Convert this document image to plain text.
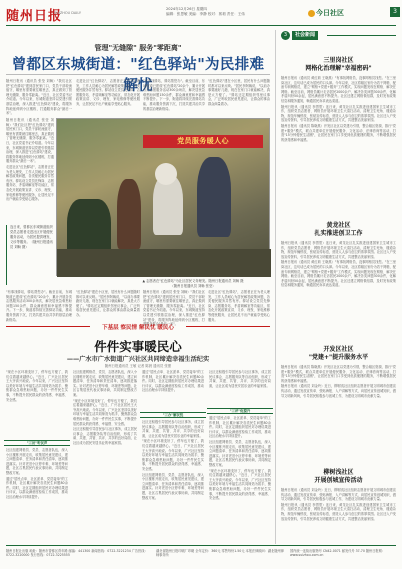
随州日报
SUIZHOU DAILY
2024年12月26日 星期四
编辑：张思敏 美编：李静 校对：郭莉 责任：王伟	今日社区	3
管理"无缝隙" 服务"零距离"
曾都区东城街道："红色驿站"为民排难解忧

随州日报讯（通讯员 张莹 刘畅）"我们社区把"红色驿站"建到居民家门口，党员干部轮流值守，哪里有需要就往哪里去，真正做到了管理无缝隙、服务零距离。"近日，社区党委书记介绍道。今年以来，东城街道坚持以党建引领基层治理，深入推进"红色驿站"建设，将服务阵地延伸到小区楼栋，打通服务群众"最后一米"。

走进社区"红色驿站"，志愿者正在为老人理发，工作人员耐心为居民解答政策问题，各类便民服务井然有序。驿站设立党员先锋岗、志愿服务站、矛盾调解室等功能区，常态化开展政策宣讲、义诊、理发、家电维修等便民服务，让居民足不出户就能享受贴心服务。

"有事找驿站，驿站帮您办"。截至目前，东城街道已建成"红色驿站"20余个，累计开展各类志愿服务活动300余场次，解决居民急难愁盼问题150余件，群众满意度和幸福感不断提升。下一步，街道将持续完善驿站功能，推动服务资源下沉，打造共建共治共享的基层治理新格局。

"红色驿站"建在小区里，居民有什么问题随时都可以来反映。"居民李阿姨说，"以前办事要跑好几趟，现在在家门口就能解决，真是太方便了。"驿站还定期组织邻里议事会，广泛听取居民意见建议，让群众的事由群众商量着办。

随州日报讯（通讯员 张莹 刘畅）"我们社区把"红色驿站"建到居民家门口，党员干部轮流值守，哪里有需要就往哪里去，真正做到了管理无缝隙、服务零距离。"近日，社区党委书记介绍道。今年以来，东城街道坚持以党建引领基层治理，深入推进"红色驿站"建设，将服务阵地延伸到小区楼栋，打通服务群众"最后一米"。

走进社区"红色驿站"，志愿者正在为老人理发，工作人员耐心为居民解答政策问题，各类便民服务井然有序。驿站设立党员先锋岗、志愿服务站、矛盾调解室等功能区，常态化开展政策宣讲、义诊、理发、家电维修等便民服务，让居民足不出户就能享受贴心服务。

党员服务暖人心
连日来，曾都区东城街道组织党员志愿者走进社区开展便民服务活动，为居民提供理发、义诊等服务。（随州日报通讯员 刘畅 摄）
▲ 志愿者在"红色驿站"为社区居民义务理发。随州日报通讯员 刘畅 摄
（随州日报通讯员 刘畅 张莹）

"有事找驿站，驿站帮您办"。截至目前，东城街道已建成"红色驿站"20余个，累计开展各类志愿服务活动300余场次，解决居民急难愁盼问题150余件，群众满意度和幸福感不断提升。下一步，街道将持续完善驿站功能，推动服务资源下沉，打造共建共治共享的基层治理新格局。

"红色驿站"建在小区里，居民有什么问题随时都可以来反映。"居民李阿姨说，"以前办事要跑好几趟，现在在家门口就能解决，真是太方便了。"驿站还定期组织邻里议事会，广泛听取居民意见建议，让群众的事由群众商量着办。

随州日报讯（通讯员 张莹 刘畅）"我们社区把"红色驿站"建到居民家门口，党员干部轮流值守，哪里有需要就往哪里去，真正做到了管理无缝隙、服务零距离。"近日，社区党委书记介绍道。今年以来，东城街道坚持以党建引领基层治理，深入推进"红色驿站"建设，将服务阵地延伸到小区楼栋，打通服务群众"最后一米"。

走进社区"红色驿站"，志愿者正在为老人理发，工作人员耐心为居民解答政策问题，各类便民服务井然有序。驿站设立党员先锋岗、志愿服务站、矛盾调解室等功能区，常态化开展政策宣讲、义诊、理发、家电维修等便民服务，让居民足不出户就能享受贴心服务。

下基层 察民情 解民忧 暖民心
件件实事暖民心
——广水市广水街道广兴社区共同缔造幸福生活纪实
随州日报通讯员 王敏 记者 陈晨 通讯员 张蕾

"现在小区环境变好了，停车也方便了，我们住着越来越舒心。"近日，广兴社区居民王大爷高兴地说。今年以来，广兴社区坚持以美好环境与幸福生活共同缔造为抓手，聚焦群众急难愁盼问题，办好一件件民生实事，不断提升居民群众的获得感、幸福感、安全感。

"三访"听民声

社区组建网格员、党员、志愿者队伍，深入小区楼栋开展走访，收集居民意见建议，建立问题清单、任务清单和责任清单，逐项推进落实。针对老旧小区停车难、环境差等问题，社区召集居民代表议事协商，共同制定整改方案。

通过"居民点单、社区派单、党员接单"的工作机制，社区累计解决各类民生问题80余件。同时，社区定期组织居民对办理结果进行评议，以群众满意度检验工作成效，推动社区治理水平持续提升。

社区组建网格员、党员、志愿者队伍，深入小区楼栋开展走访，收集居民意见建议，建立问题清单、任务清单和责任清单，逐项推进落实。针对老旧小区停车难、环境差等问题，社区召集居民代表议事协商，共同制定整改方案。

"现在小区环境变好了，停车也方便了，我们住着越来越舒心。"近日，广兴社区居民王大爷高兴地说。今年以来，广兴社区坚持以美好环境与幸福生活共同缔造为抓手，聚焦群众急难愁盼问题，办好一件件民生实事，不断提升居民群众的获得感、幸福感、安全感。

社区还积极引导居民参与社区事务，成立居民议事会、志愿服务队等自治组织，形成了共谋、共建、共管、共评、共享的良好局面，让社区成为居民安居乐业的幸福家园。

通过"居民点单、社区派单、党员接单"的工作机制，社区累计解决各类民生问题80余件。同时，社区定期组织居民对办理结果进行评议，以群众满意度检验工作成效，推动社区治理水平持续提升。

"三办"解民忧

社区还积极引导居民参与社区事务，成立居民议事会、志愿服务队等自治组织，形成了共谋、共建、共管、共评、共享的良好局面，让社区成为居民安居乐业的幸福家园。

"现在小区环境变好了，停车也方便了，我们住着越来越舒心。"近日，广兴社区居民王大爷高兴地说。今年以来，广兴社区坚持以美好环境与幸福生活共同缔造为抓手，聚焦群众急难愁盼问题，办好一件件民生实事，不断提升居民群众的获得感、幸福感、安全感。

社区组建网格员、党员、志愿者队伍，深入小区楼栋开展走访，收集居民意见建议，建立问题清单、任务清单和责任清单，逐项推进落实。针对老旧小区停车难、环境差等问题，社区召集居民代表议事协商，共同制定整改方案。

社区还积极引导居民参与社区事务，成立居民议事会、志愿服务队等自治组织，形成了共谋、共建、共管、共评、共享的良好局面，让社区成为居民安居乐业的幸福家园。

"三评"促提升

通过"居民点单、社区派单、党员接单"的工作机制，社区累计解决各类民生问题80余件。同时，社区定期组织居民对办理结果进行评议，以群众满意度检验工作成效，推动社区治理水平持续提升。

社区组建网格员、党员、志愿者队伍，深入小区楼栋开展走访，收集居民意见建议，建立问题清单、任务清单和责任清单，逐项推进落实。针对老旧小区停车难、环境差等问题，社区召集居民代表议事协商，共同制定整改方案。

"现在小区环境变好了，停车也方便了，我们住着越来越舒心。"近日，广兴社区居民王大爷高兴地说。今年以来，广兴社区坚持以美好环境与幸福生活共同缔造为抓手，聚焦群众急难愁盼问题，办好一件件民生实事，不断提升居民群众的获得感、幸福感、安全感。

3	社会新闻
三里岗社区
网格化治理解"幸福密码"

随州日报讯（通讯员 黄红莉 王晓燕）"有事找网格员，没事网格员找您。"在三里岗社区，这句话已成为居民的口头禅。今年以来，社区将辖区划分为若干网格，配备专职网格员，建立"网格+党建+服务"工作模式，实现问题发现在网格、解决在网格。截至目前，网格员累计走访居民2000余户，解决各类问题300余件，化解矛盾纠纷50余起，居民满意度不断提升。社区还建立网格微信群，及时发布政策信息和服务通知，畅通居民诉求表达渠道。

随州日报讯（通讯员 李思思）连日来，黄龙社区扎实推进创建国家卫生城市工作，组织党员志愿者、网格员开展环境卫生大清扫活动，清理卫生死角、楼道杂物，规范车辆停放，张贴宣传标语，营造人人参与创卫的浓厚氛围。社区还入户发放宣传资料，引导居民养成文明健康生活方式，共建整洁美丽家园。

随州日报讯（通讯员 陈晓燕）开发区社区以党建为引领，整合辖区资源，推行"党建+服务"模式，联合共建单位开展便民服务、文化活动、法律咨询等活动，打造"15分钟便民生活圈"，让居民在家门口享受到优质便捷的服务，不断增强居民的获得感和幸福感。

黄龙社区
扎实推进创卫工作

随州日报讯（通讯员 李思思）连日来，黄龙社区扎实推进创建国家卫生城市工作，组织党员志愿者、网格员开展环境卫生大清扫活动，清理卫生死角、楼道杂物，规范车辆停放，张贴宣传标语，营造人人参与创卫的浓厚氛围。社区还入户发放宣传资料，引导居民养成文明健康生活方式，共建整洁美丽家园。

随州日报讯（通讯员 黄红莉 王晓燕）"有事找网格员，没事网格员找您。"在三里岗社区，这句话已成为居民的口头禅。今年以来，社区将辖区划分为若干网格，配备专职网格员，建立"网格+党建+服务"工作模式，实现问题发现在网格、解决在网格。截至目前，网格员累计走访居民2000余户，解决各类问题300余件，化解矛盾纠纷50余起，居民满意度不断提升。社区还建立网格微信群，及时发布政策信息和服务通知，畅通居民诉求表达渠道。

开发区社区
"党建+"提升服务水平

随州日报讯（通讯员 陈晓燕）开发区社区以党建为引领，整合辖区资源，推行"党建+服务"模式，联合共建单位开展便民服务、文化活动、法律咨询等活动，打造"15分钟便民生活圈"，让居民在家门口享受到优质便捷的服务，不断增强居民的获得感和幸福感。

随州日报讯（通讯员 刘金玲）近日，柳树浅社区组织志愿者开展文明城市创建宣传活动，通过发放宣传单、张贴海报、入户讲解等方式，向居民宣传创城知识，倡导文明新风尚，引导居民积极参与创城工作，为建设文明城市贡献力量。

柳树浅社区
开展创城宣传活动

随州日报讯（通讯员 刘金玲）近日，柳树浅社区组织志愿者开展文明城市创建宣传活动，通过发放宣传单、张贴海报、入户讲解等方式，向居民宣传创城知识，倡导文明新风尚，引导居民积极参与创城工作，为建设文明城市贡献力量。

随州日报讯（通讯员 李思思）连日来，黄龙社区扎实推进创建国家卫生城市工作，组织党员志愿者、网格员开展环境卫生大清扫活动，清理卫生死角、楼道杂物，规范车辆停放，张贴宣传标语，营造人人参与创卫的浓厚氛围。社区还入户发放宣传资料，引导居民养成文明健康生活方式，共建整洁美丽家园。

随州日报社出版 地址：随州市曾都区青年路 邮编：441300 新闻热线：0722-3221234 广告热线：0722-3220000 发行热线：0722-3225555
湖北省随州日报印刷厂印刷 全年定价：360元 零售每份1.50元 本报法律顾问：湖北随州律师事务所
国内统一连续出版物号 CN42-0071 邮发代号 37-70 随州日报网：www.suizhou.com.cn
